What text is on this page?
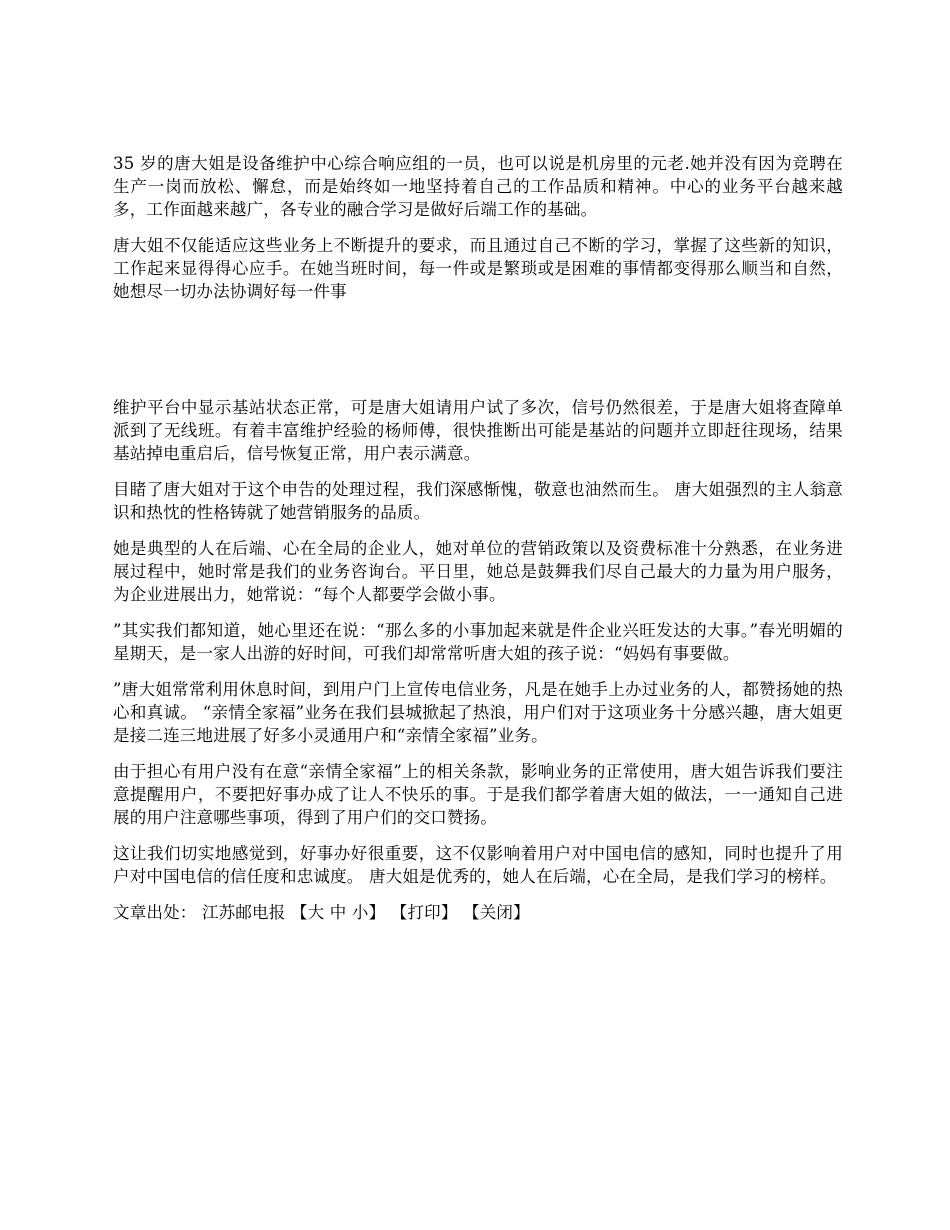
35 岁的唐大姐是设备维护中心综合响应组的一员，也可以说是机房里的元老.她并没有因为竞聘在生产一岗而放松、懈怠，而是始终如一地坚持着自己的工作品质和精神。中心的业务平台越来越多，工作面越来越广，各专业的融合学习是做好后端工作的基础。

唐大姐不仅能适应这些业务上不断提升的要求，而且通过自己不断的学习，掌握了这些新的知识，工作起来显得得心应手。在她当班时间，每一件或是繁琐或是困难的事情都变得那么顺当和自然，她想尽一切办法协调好每一件事

维护平台中显示基站状态正常，可是唐大姐请用户试了多次，信号仍然很差，于是唐大姐将查障单派到了无线班。有着丰富维护经验的杨师傅，很快推断出可能是基站的问题并立即赶往现场，结果基站掉电重启后，信号恢复正常，用户表示满意。

目睹了唐大姐对于这个申告的处理过程，我们深感惭愧，敬意也油然而生。 唐大姐强烈的主人翁意识和热忱的性格铸就了她营销服务的品质。

她是典型的人在后端、心在全局的企业人，她对单位的营销政策以及资费标准十分熟悉，在业务进展过程中，她时常是我们的业务咨询台。平日里，她总是鼓舞我们尽自己最大的力量为用户服务，为企业进展出力，她常说：“每个人都要学会做小事。

”其实我们都知道，她心里还在说：“那么多的小事加起来就是件企业兴旺发达的大事。”春光明媚的星期天，是一家人出游的好时间，可我们却常常听唐大姐的孩子说：“妈妈有事要做。

”唐大姐常常利用休息时间，到用户门上宣传电信业务，凡是在她手上办过业务的人，都赞扬她的热心和真诚。 “亲情全家福”业务在我们县城掀起了热浪，用户们对于这项业务十分感兴趣，唐大姐更是接二连三地进展了好多小灵通用户和“亲情全家福”业务。

由于担心有用户没有在意“亲情全家福”上的相关条款，影响业务的正常使用，唐大姐告诉我们要注意提醒用户，不要把好事办成了让人不快乐的事。于是我们都学着唐大姐的做法，一一通知自己进展的用户注意哪些事项，得到了用户们的交口赞扬。

这让我们切实地感觉到，好事办好很重要，这不仅影响着用户对中国电信的感知，同时也提升了用户对中国电信的信任度和忠诚度。 唐大姐是优秀的，她人在后端，心在全局，是我们学习的榜样。

文章出处： 江苏邮电报 【大 中 小】 【打印】 【关闭】
